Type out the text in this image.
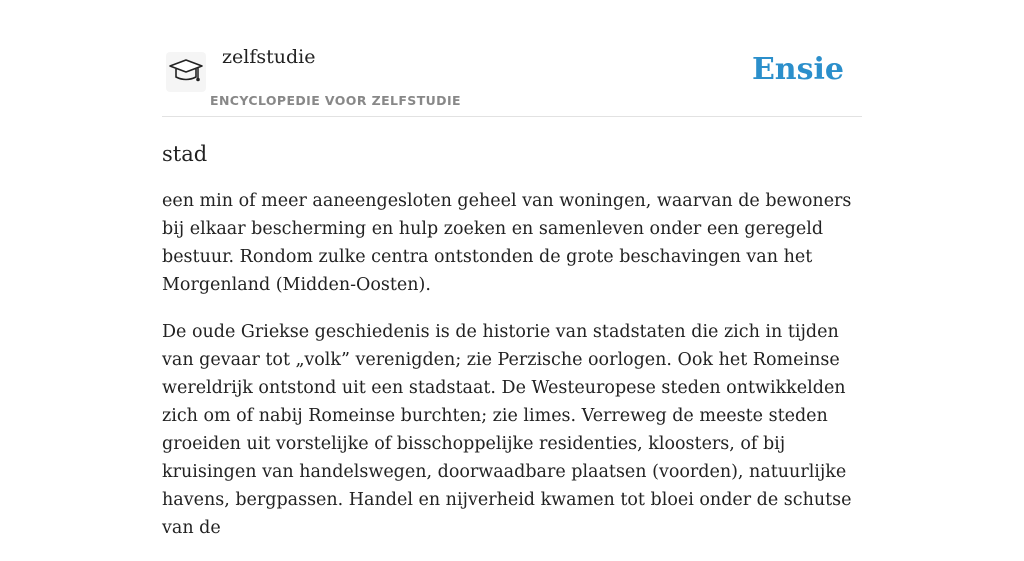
zelfstudie
ENCYCLOPEDIE VOOR ZELFSTUDIE
Ensie
stad

een min of meer aaneengesloten geheel van woningen, waarvan de bewoners bij elkaar bescherming en hulp zoeken en samenleven onder een geregeld bestuur. Rondom zulke centra ontstonden de grote beschavingen van het Morgenland (Midden-Oosten).

De oude Griekse geschiedenis is de historie van stadstaten die zich in tijden van gevaar tot „volk” verenigden; zie Perzische oorlogen. Ook het Romeinse wereldrijk ontstond uit een stadstaat. De Westeuropese steden ontwikkelden zich om of nabij Romeinse burchten; zie limes. Verreweg de meeste steden groeiden uit vorstelijke of bisschoppelijke residenties, kloosters, of bij kruisingen van handelswegen, doorwaadbare plaatsen (voorden), natuurlijke havens, bergpassen. Handel en nijverheid kwamen tot bloei onder de schutse van de
